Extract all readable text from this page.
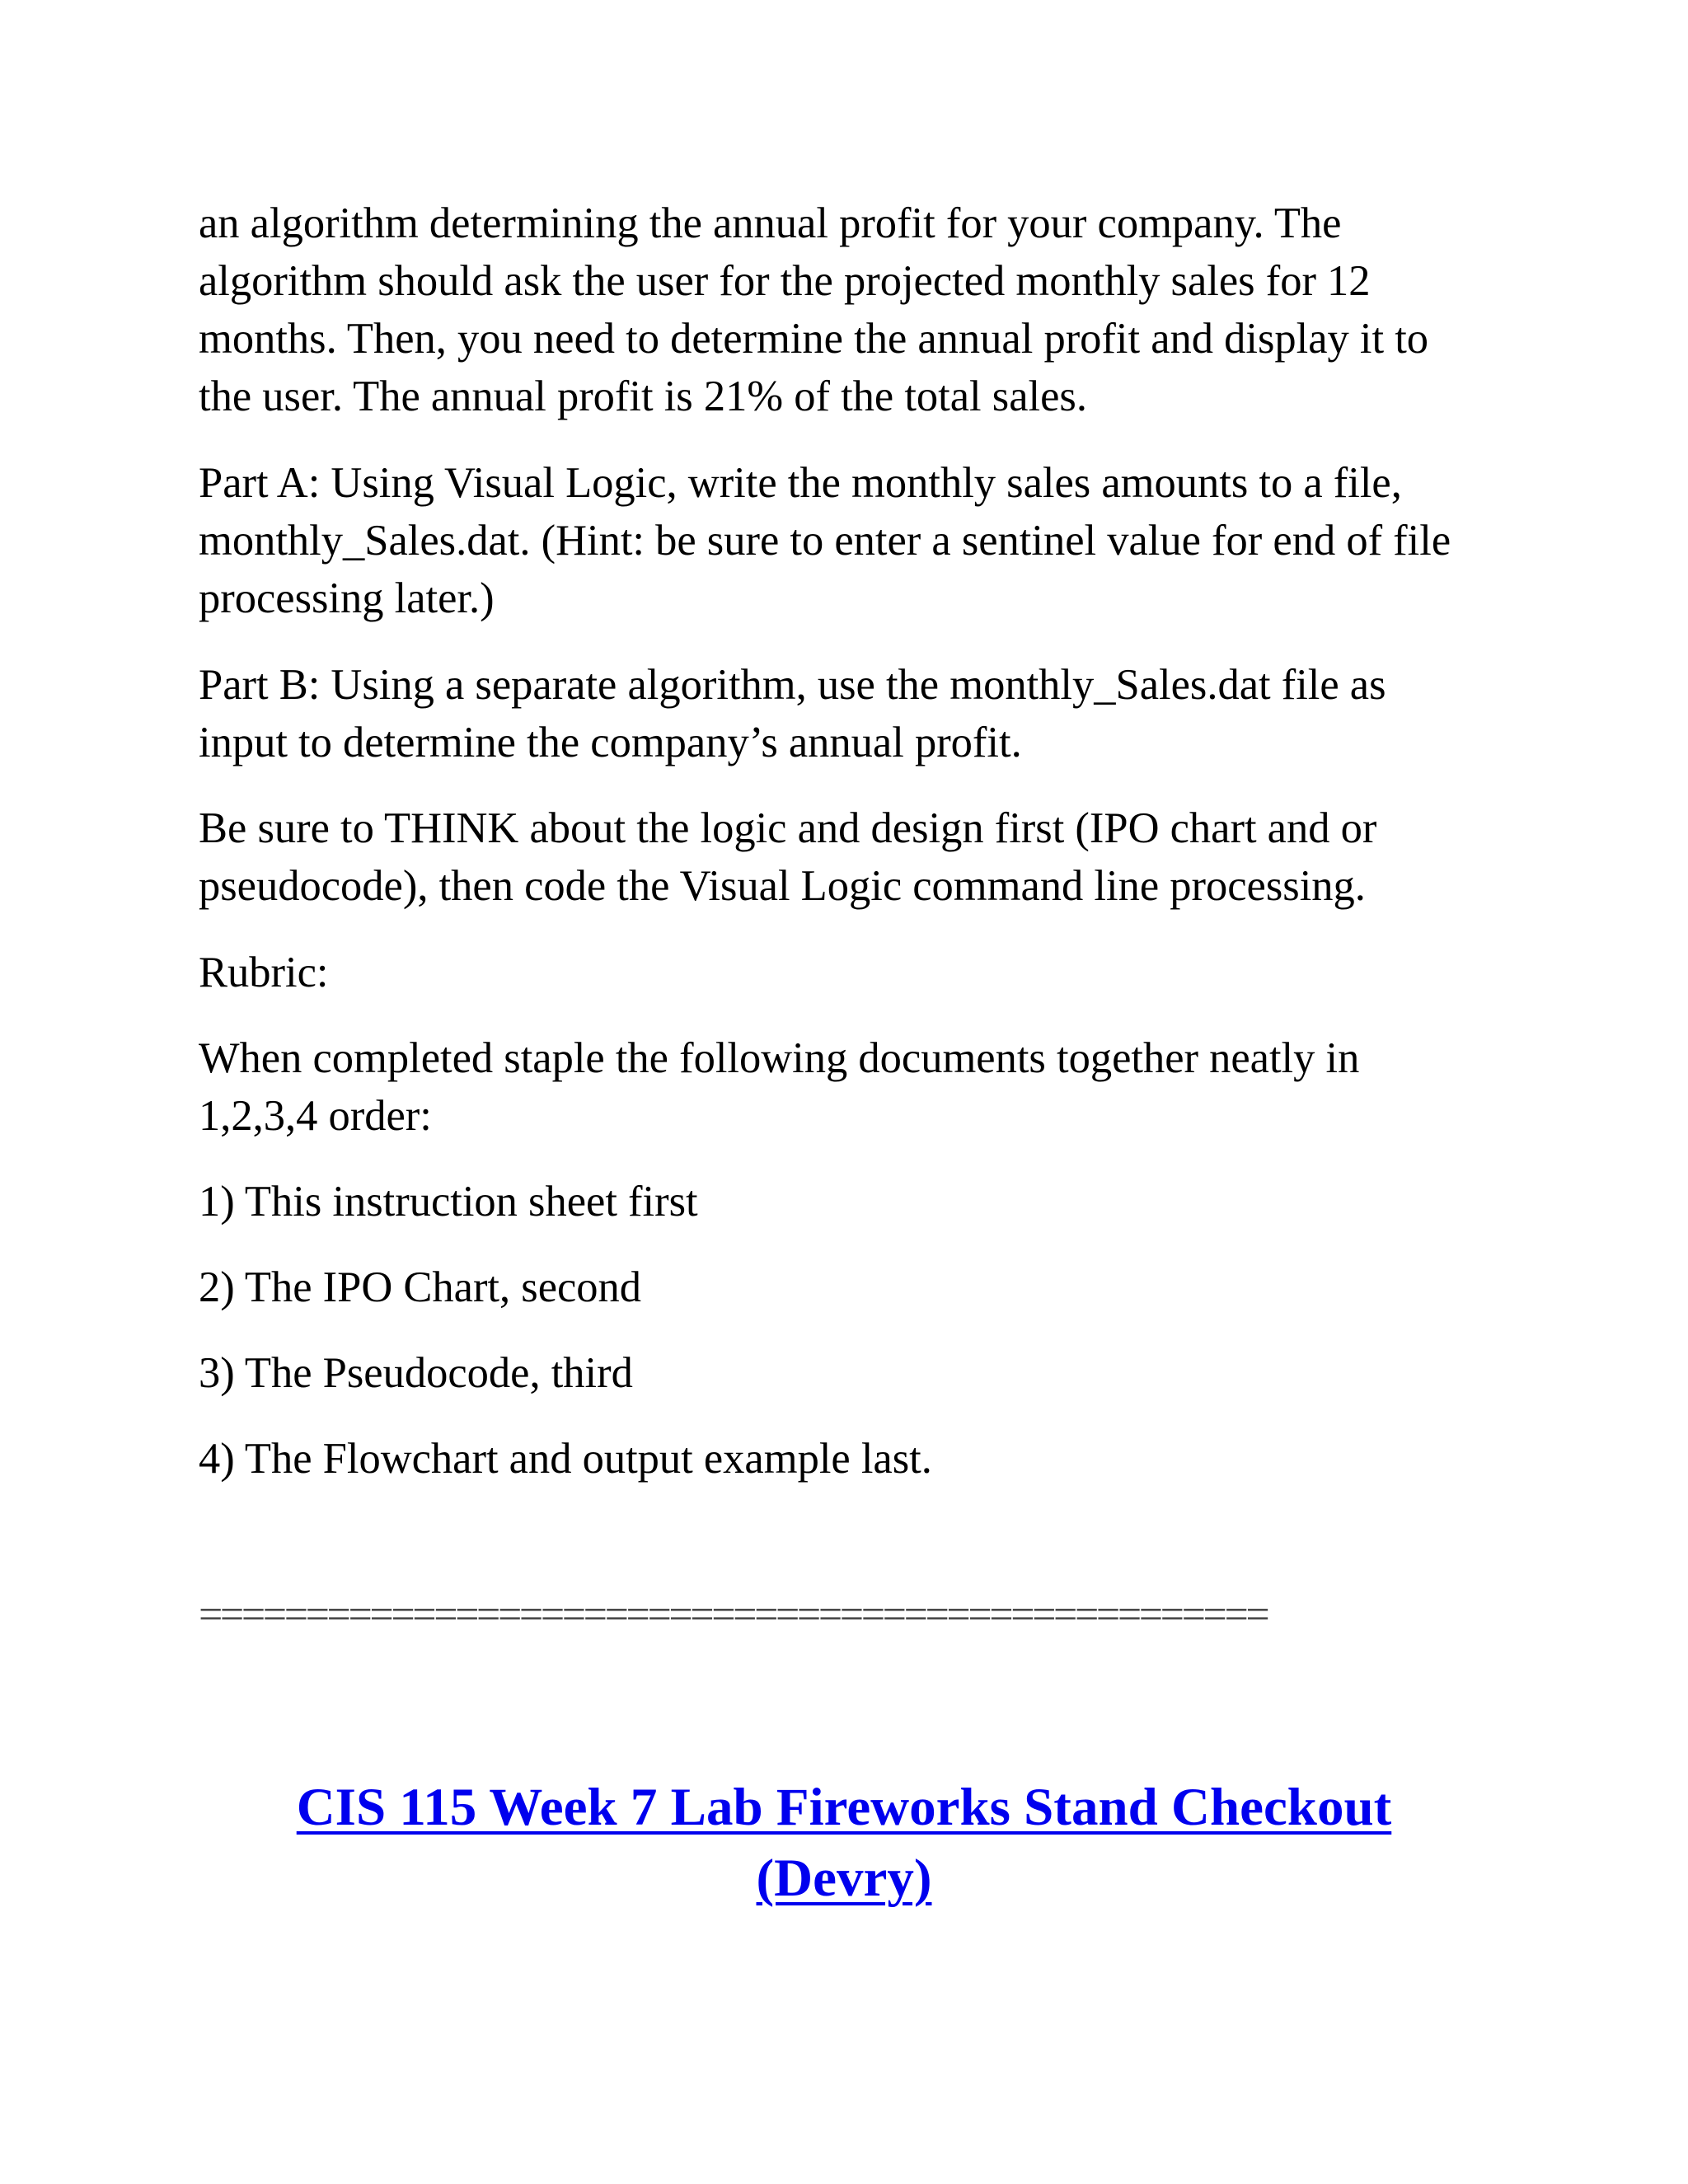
an algorithm determining the annual profit for your company. The
algorithm should ask the user for the projected monthly sales for 12
months. Then, you need to determine the annual profit and display it to
the user. The annual profit is 21% of the total sales.
Part A: Using Visual Logic, write the monthly sales amounts to a file,
monthly_Sales.dat. (Hint: be sure to enter a sentinel value for end of file
processing later.)
Part B: Using a separate algorithm, use the monthly_Sales.dat file as
input to determine the company’s annual profit.
Be sure to THINK about the logic and design first (IPO chart and or
pseudocode), then code the Visual Logic command line processing.
Rubric:
When completed staple the following documents together neatly in
1,2,3,4 order:
1) This instruction sheet first
2) The IPO Chart, second
3) The Pseudocode, third
4) The Flowchart and output example last.
==================================================
CIS 115 Week 7 Lab Fireworks Stand Checkout
(Devry)
